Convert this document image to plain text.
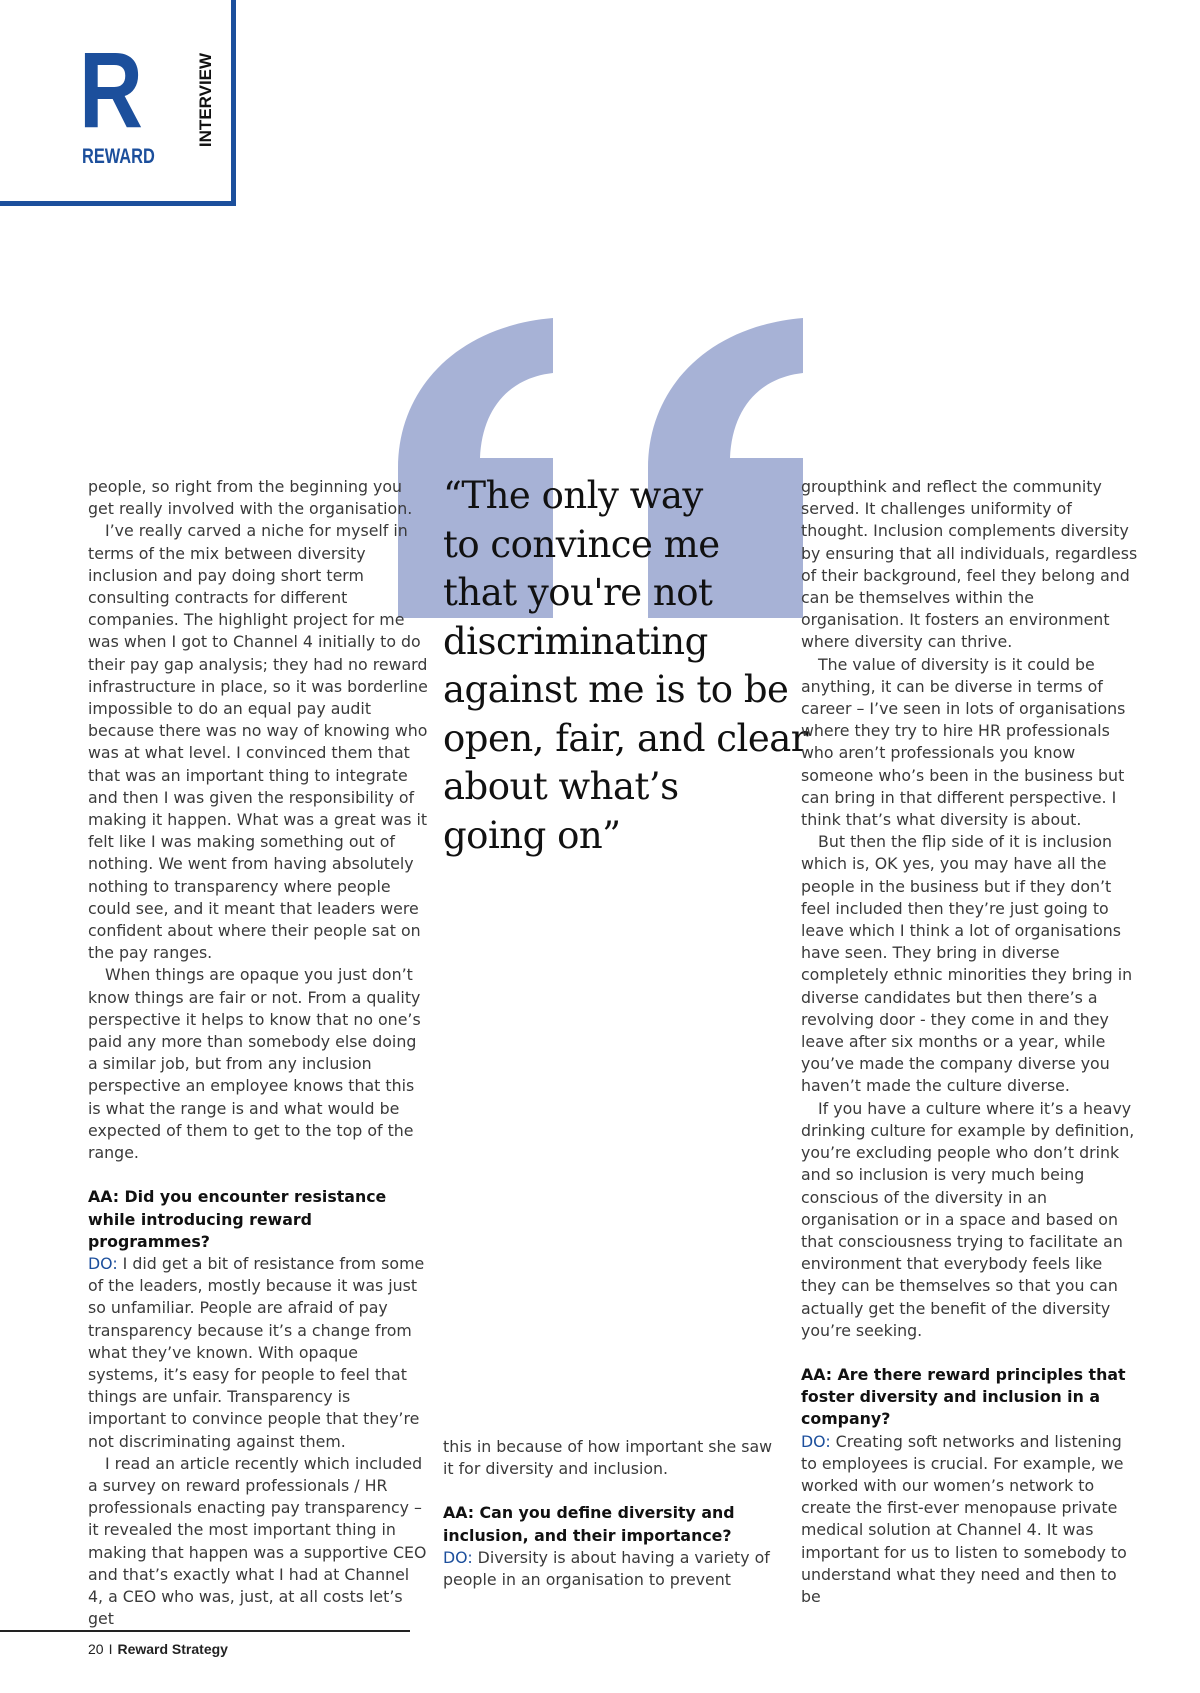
R
REWARD
INTERVIEW

people, so right from the beginning you get really involved with the organisation.

I’ve really carved a niche for myself in terms of the mix between diversity inclusion and pay doing short term consulting contracts for different companies. The highlight project for me was when I got to Channel 4 initially to do their pay gap analysis; they had no reward infrastructure in place, so it was borderline impossible to do an equal pay audit because there was no way of knowing who was at what level. I convinced them that that was an important thing to integrate and then I was given the responsibility of making it happen. What was a great was it felt like I was making something out of nothing. We went from having absolutely nothing to transparency where people could see, and it meant that leaders were confident about where their people sat on the pay ranges.

When things are opaque you just don’t know things are fair or not. From a quality perspective it helps to know that no one’s paid any more than somebody else doing a similar job, but from any inclusion perspective an employee knows that this is what the range is and what would be expected of them to get to the top of the range.

AA: Did you encounter resistance while introducing reward programmes?

DO: I did get a bit of resistance from some of the leaders, mostly because it was just so unfamiliar. People are afraid of pay transparency because it’s a change from what they’ve known. With opaque systems, it’s easy for people to feel that things are unfair. Transparency is important to convince people that they’re not discriminating against them.

I read an article recently which included a survey on reward professionals / HR professionals enacting pay transparency – it revealed the most important thing in making that happen was a supportive CEO and that’s exactly what I had at Channel 4, a CEO who was, just, at all costs let’s get

“The only way
to convince me
that you're not
discriminating
against me is to be
open, fair, and clear
about what’s
going on”

this in because of how important she saw it for diversity and inclusion.

AA: Can you define diversity and inclusion, and their importance?

DO: Diversity is about having a variety of people in an organisation to prevent

groupthink and reflect the community served. It challenges uniformity of thought. Inclusion complements diversity by ensuring that all individuals, regardless of their background, feel they belong and can be themselves within the organisation. It fosters an environment where diversity can thrive.

The value of diversity is it could be anything, it can be diverse in terms of career – I’ve seen in lots of organisations where they try to hire HR professionals who aren’t professionals you know someone who’s been in the business but can bring in that different perspective. I think that’s what diversity is about.

But then the flip side of it is inclusion which is, OK yes, you may have all the people in the business but if they don’t feel included then they’re just going to leave which I think a lot of organisations have seen. They bring in diverse completely ethnic minorities they bring in diverse candidates but then there’s a revolving door - they come in and they leave after six months or a year, while you’ve made the company diverse you haven’t made the culture diverse.

If you have a culture where it’s a heavy drinking culture for example by definition, you’re excluding people who don’t drink and so inclusion is very much being conscious of the diversity in an organisation or in a space and based on that consciousness trying to facilitate an environment that everybody feels like they can be themselves so that you can actually get the benefit of the diversity you’re seeking.

AA: Are there reward principles that foster diversity and inclusion in a company?

DO: Creating soft networks and listening to employees is crucial. For example, we worked with our women’s network to create the first-ever menopause private medical solution at Channel 4. It was important for us to listen to somebody to understand what they need and then to be

20 I Reward Strategy
